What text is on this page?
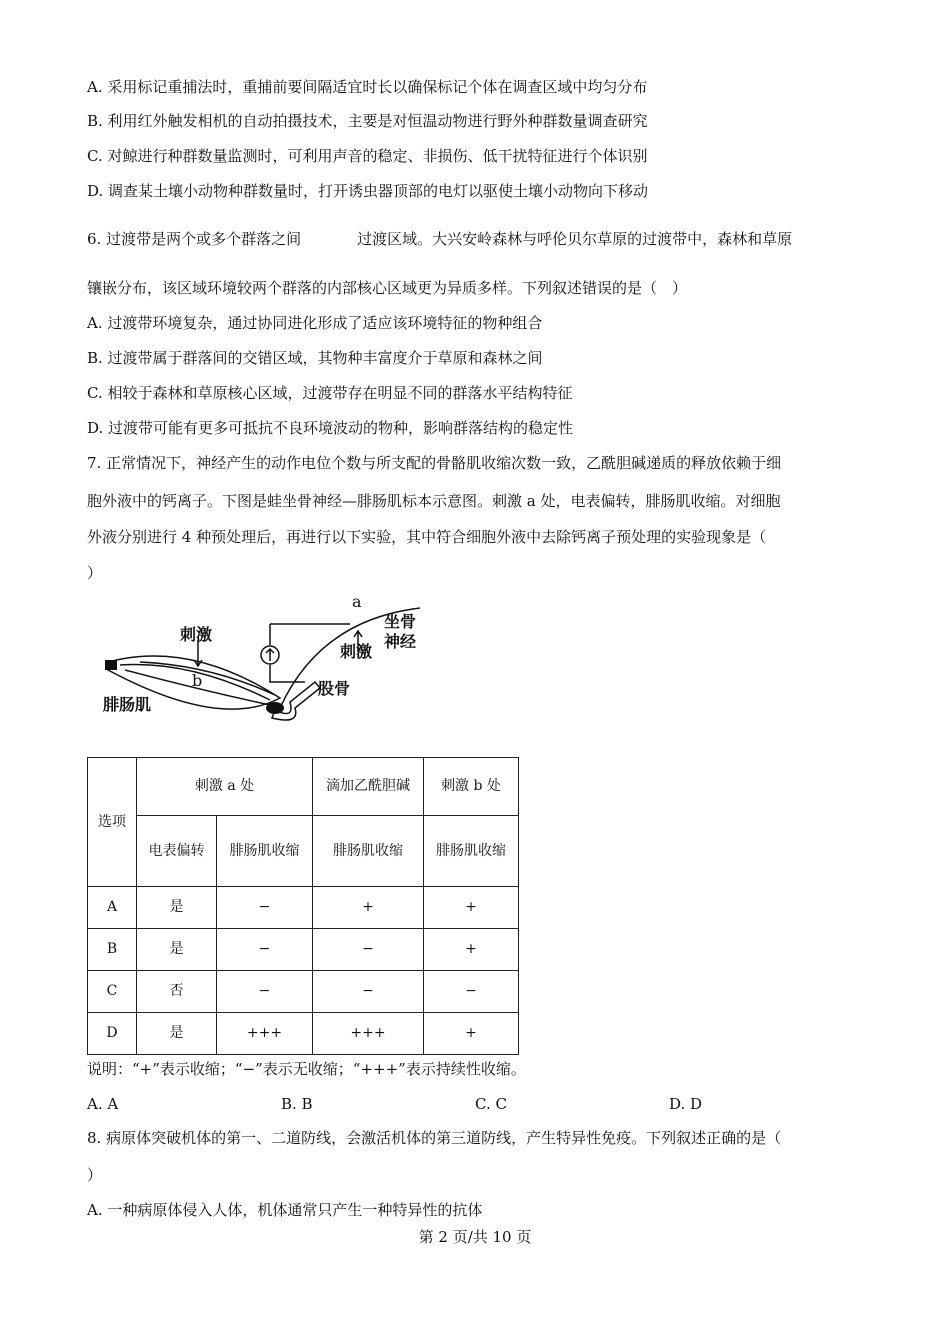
A. 采用标记重捕法时，重捕前要间隔适宜时长以确保标记个体在调查区域中均匀分布
B. 利用红外触发相机的自动拍摄技术，主要是对恒温动物进行野外种群数量调查研究
C. 对鲸进行种群数量监测时，可利用声音的稳定、非损伤、低干扰特征进行个体识别
D. 调查某土壤小动物种群数量时，打开诱虫器顶部的电灯以驱使土壤小动物向下移动
6. 过渡带是两个或多个群落之间	过渡区域。大兴安岭森林与呼伦贝尔草原的过渡带中，森林和草原
镶嵌分布，该区域环境较两个群落的内部核心区域更为异质多样。下列叙述错误的是（　）
A. 过渡带环境复杂，通过协同进化形成了适应该环境特征的物种组合
B. 过渡带属于群落间的交错区域，其物种丰富度介于草原和森林之间
C. 相较于森林和草原核心区域，过渡带存在明显不同的群落水平结构特征
D. 过渡带可能有更多可抵抗不良环境波动的物种，影响群落结构的稳定性
7. 正常情况下，神经产生的动作电位个数与所支配的骨骼肌收缩次数一致，乙酰胆碱递质的释放依赖于细
胞外液中的钙离子。下图是蛙坐骨神经—腓肠肌标本示意图。刺激 a 处，电表偏转，腓肠肌收缩。对细胞
外液分别进行 4 种预处理后，再进行以下实验，其中符合细胞外液中去除钙离子预处理的实验现象是（
）
刺激
b
腓肠肌
a
刺激
坐骨
神经
股骨
选项	刺激 a 处		滴加乙酰胆碱	刺激 b 处
	电表偏转	腓肠肌收缩	腓肠肌收缩	腓肠肌收缩
A	是	−	+	+
B	是	−	−	+
C	否	−	−	−
D	是	+++	+++	+
说明：“+”表示收缩；“−”表示无收缩；“+++”表示持续性收缩。
A. A	B. B	C. C	D. D
8. 病原体突破机体的第一、二道防线，会激活机体的第三道防线，产生特异性免疫。下列叙述正确的是（
）
A. 一种病原体侵入人体，机体通常只产生一种特异性的抗体
第 2 页/共 10 页
